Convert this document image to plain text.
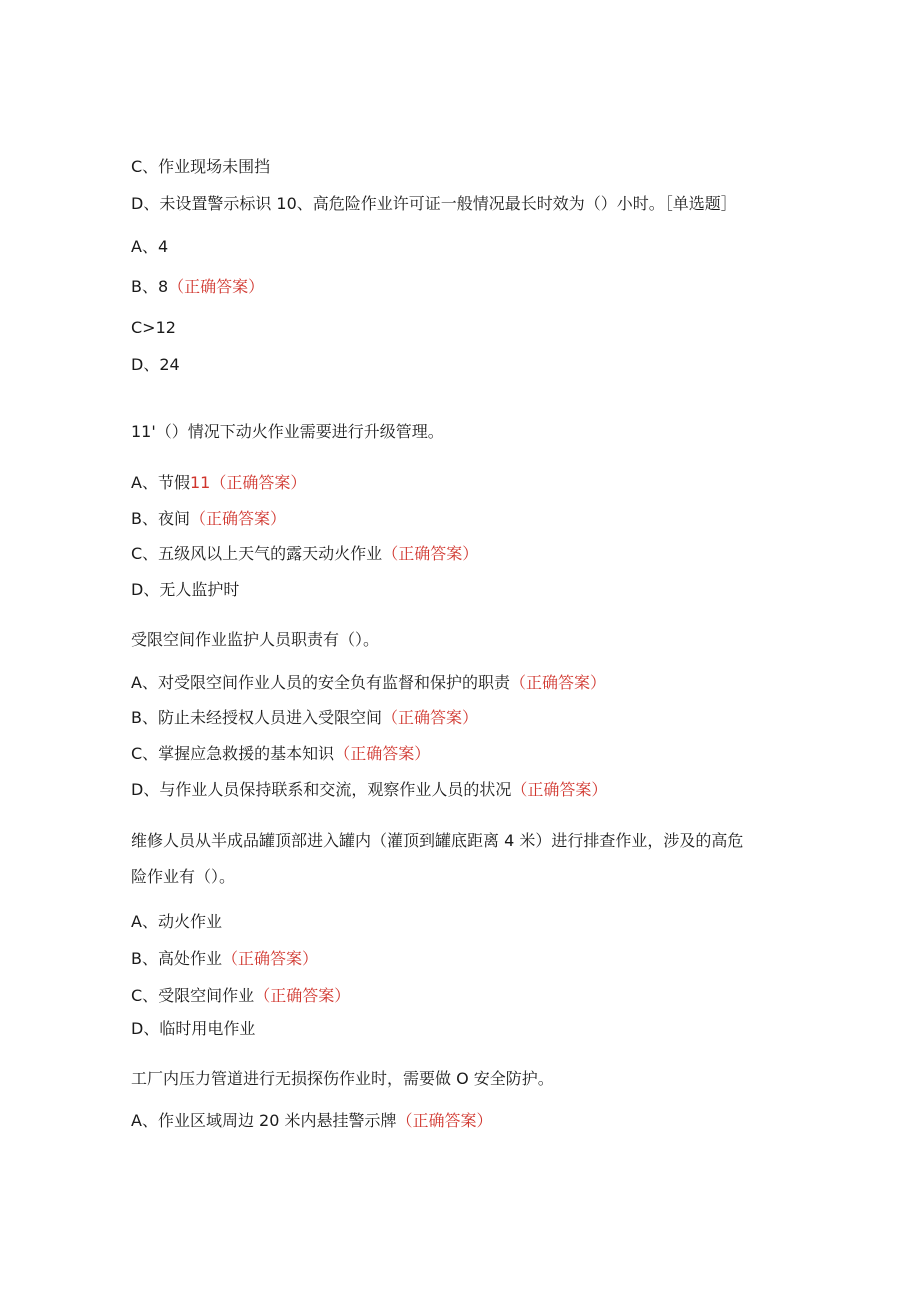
C、作业现场未围挡
D、未设置警示标识 10、高危险作业许可证一般情况最长时效为（）小时。［单选题］
A、4
B、8（正确答案）
C>12
D、24
11'（）情况下动火作业需要进行升级管理。
A、节假11（正确答案）
B、夜间（正确答案）
C、五级风以上天气的露天动火作业（正确答案）
D、无人监护时
受限空间作业监护人员职责有（）。
A、对受限空间作业人员的安全负有监督和保护的职责（正确答案）
B、防止未经授权人员进入受限空间（正确答案）
C、掌握应急救援的基本知识（正确答案）
D、与作业人员保持联系和交流，观察作业人员的状况（正确答案）
维修人员从半成品罐顶部进入罐内（灌顶到罐底距离 4 米）进行排查作业，涉及的高危
险作业有（）。
A、动火作业
B、高处作业（正确答案）
C、受限空间作业（正确答案）
D、临时用电作业
工厂内压力管道进行无损探伤作业时，需要做 O 安全防护。
A、作业区域周边 20 米内悬挂警示牌（正确答案）
